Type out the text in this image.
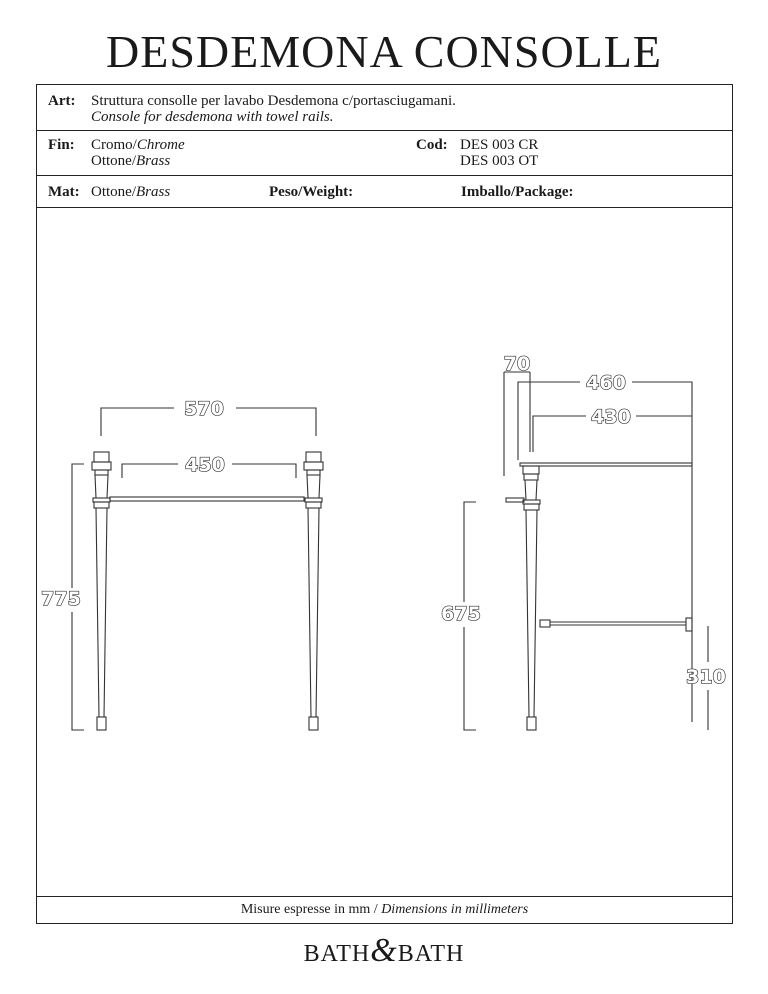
DESDEMONA CONSOLLE
Art: Struttura consolle per lavabo Desdemona c/portasciugamani.
Console for desdemona with towel rails.
Fin: Cromo/Chrome
Ottone/Brass
Cod: DES 003 CR
DES 003 OT
Mat: Ottone/Brass	Peso/Weight:	Imballo/Package:
Misure espresse in mm / Dimensions in millimeters
570
450
775
70
460
430
675
310
BATH&BATH
